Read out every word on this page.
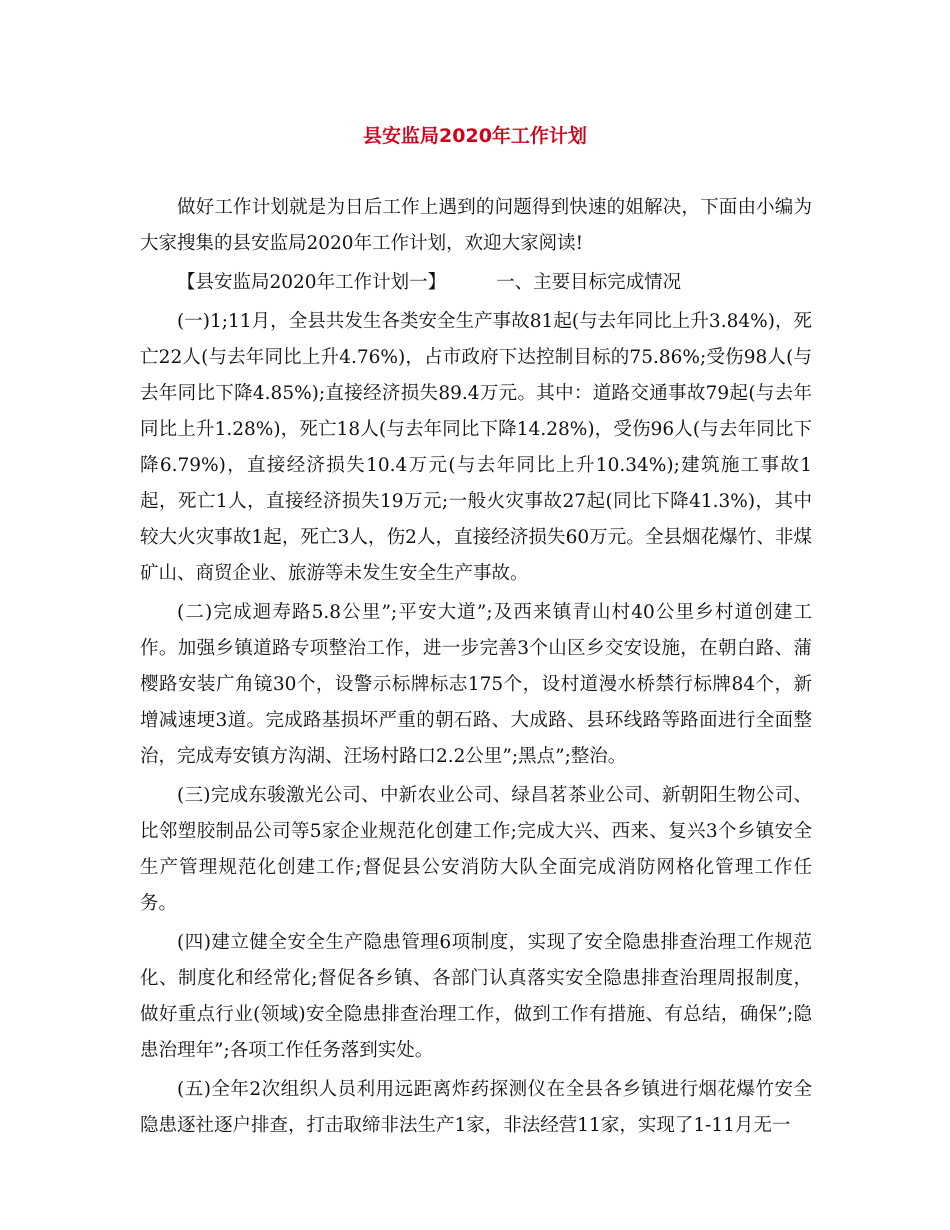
县安监局2020年工作计划

做好工作计划就是为日后工作上遇到的问题得到快速的姐解决，下面由小编为大家搜集的县安监局2020年工作计划，欢迎大家阅读!

【县安监局2020年工作计划一】	一、主要目标完成情况

(一)1;11月，全县共发生各类安全生产事故81起(与去年同比上升3.84%)，死亡22人(与去年同比上升4.76%)，占市政府下达控制目标的75.86%;受伤98人(与去年同比下降4.85%);直接经济损失89.4万元。其中：道路交通事故79起(与去年同比上升1.28%)，死亡18人(与去年同比下降14.28%)，受伤96人(与去年同比下降6.79%)，直接经济损失10.4万元(与去年同比上升10.34%);建筑施工事故1起，死亡1人，直接经济损失19万元;一般火灾事故27起(同比下降41.3%)，其中较大火灾事故1起，死亡3人，伤2人，直接经济损失60万元。全县烟花爆竹、非煤矿山、商贸企业、旅游等未发生安全生产事故。

(二)完成迴寿路5.8公里”;平安大道”;及西来镇青山村40公里乡村道创建工作。加强乡镇道路专项整治工作，进一步完善3个山区乡交安设施，在朝白路、蒲樱路安装广角镜30个，设警示标牌标志175个，设村道漫水桥禁行标牌84个，新增减速埂3道。完成路基损坏严重的朝石路、大成路、县环线路等路面进行全面整治，完成寿安镇方沟湖、汪场村路口2.2公里”;黑点”;整治。

(三)完成东骏激光公司、中新农业公司、绿昌茗茶业公司、新朝阳生物公司、比邻塑胶制品公司等5家企业规范化创建工作;完成大兴、西来、复兴3个乡镇安全生产管理规范化创建工作;督促县公安消防大队全面完成消防网格化管理工作任务。

(四)建立健全安全生产隐患管理6项制度，实现了安全隐患排查治理工作规范化、制度化和经常化;督促各乡镇、各部门认真落实安全隐患排查治理周报制度，做好重点行业(领域)安全隐患排查治理工作，做到工作有措施、有总结，确保”;隐患治理年”;各项工作任务落到实处。

(五)全年2次组织人员利用远距离炸药探测仪在全县各乡镇进行烟花爆竹安全隐患逐社逐户排查，打击取缔非法生产1家，非法经营11家，实现了1-11月无一
